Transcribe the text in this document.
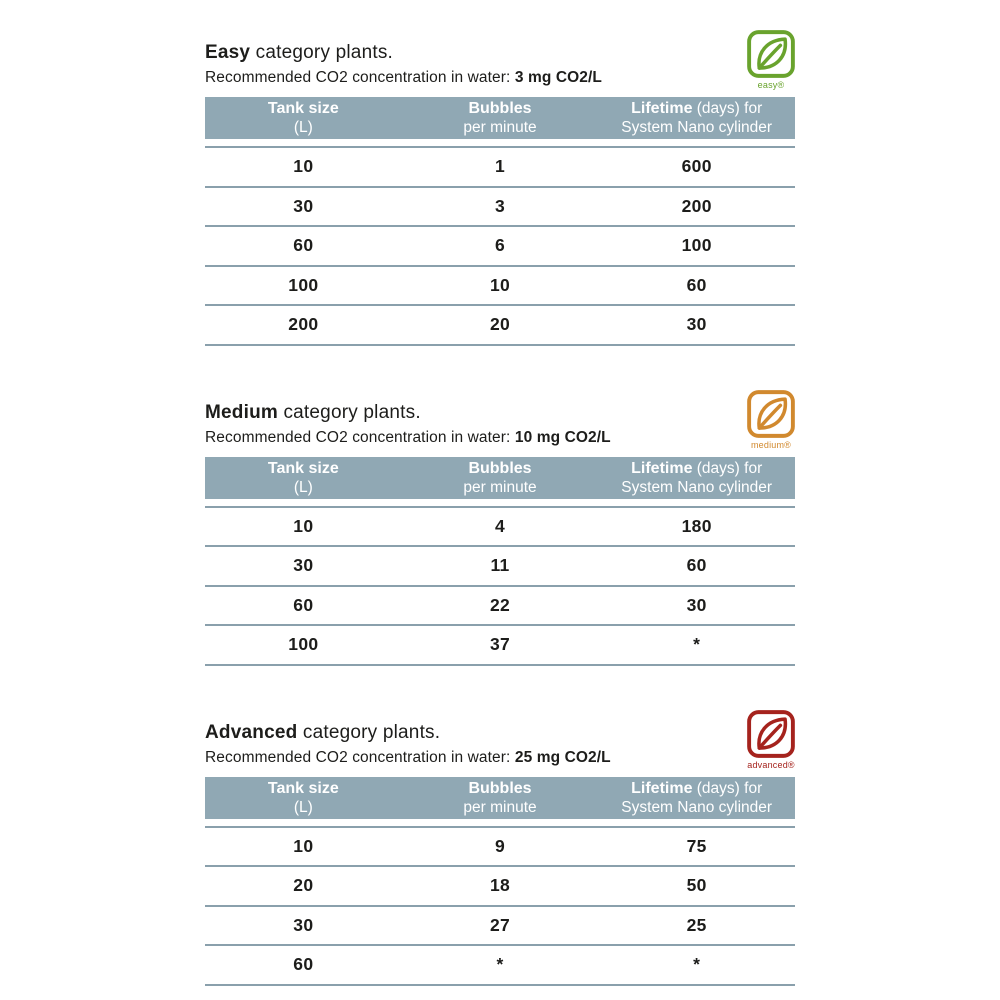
Easy category plants.

Recommended CO2 concentration in water: 3 mg CO2/L	easy®
Tank size
(L)
Bubbles
per minute
Lifetime (days) for
System Nano cylinder
10	1	600
30	3	200
60	6	100
100	10	60
200	20	30
Medium category plants.

Recommended CO2 concentration in water: 10 mg CO2/L	medium®
Tank size
(L)
Bubbles
per minute
Lifetime (days) for
System Nano cylinder
10	4	180
30	11	60
60	22	30
100	37	*
Advanced category plants.

Recommended CO2 concentration in water: 25 mg CO2/L	advanced®
Tank size
(L)
Bubbles
per minute
Lifetime (days) for
System Nano cylinder
10	9	75
20	18	50
30	27	25
60	*	*
